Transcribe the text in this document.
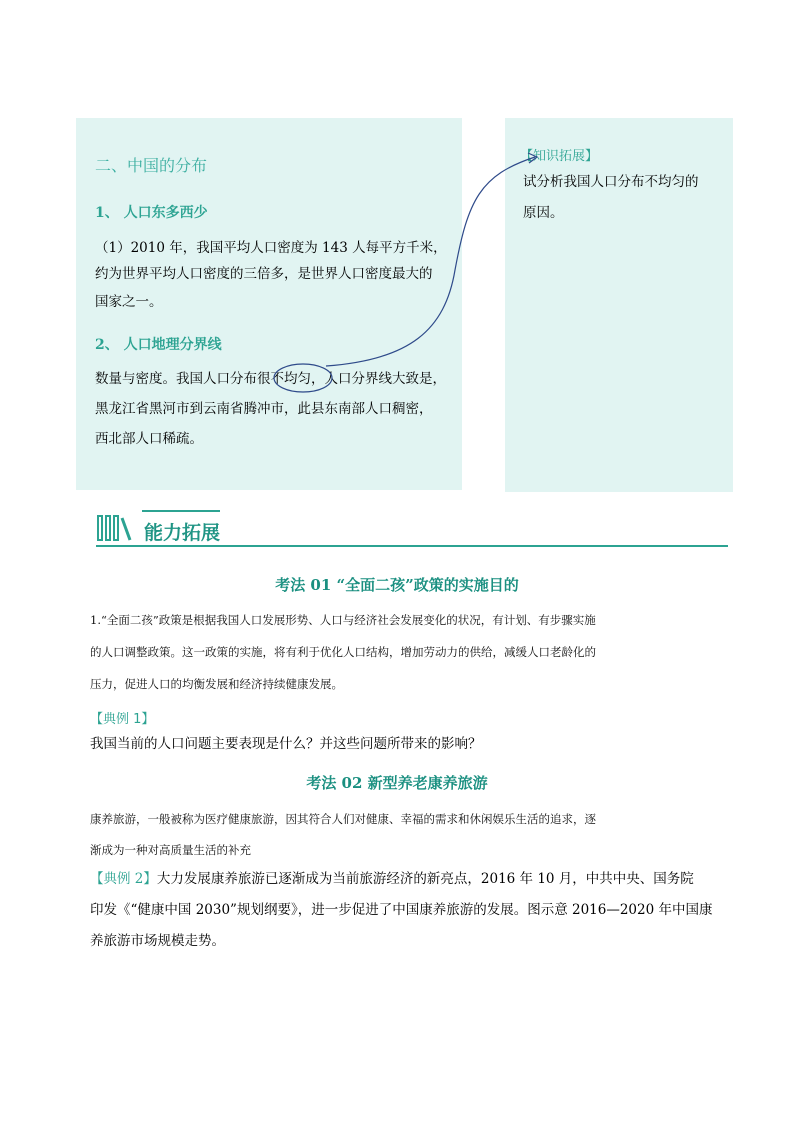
二、中国的分布
1、 人口东多西少
（1）2010 年，我国平均人口密度为 143 人每平方千米，
约为世界平均人口密度的三倍多，是世界人口密度最大的
国家之一。
2、 人口地理分界线
数量与密度。我国人口分布很不均匀，人口分界线大致是，
黑龙江省黑河市到云南省腾冲市，此县东南部人口稠密，
西北部人口稀疏。
【知识拓展】
试分析我国人口分布不均匀的
原因。
能力拓展
考法 01 “全面二孩”政策的实施目的
1.“全面二孩”政策是根据我国人口发展形势、人口与经济社会发展变化的状况，有计划、有步骤实施
的人口调整政策。这一政策的实施，将有利于优化人口结构，增加劳动力的供给，减缓人口老龄化的
压力，促进人口的均衡发展和经济持续健康发展。
【典例 1】
我国当前的人口问题主要表现是什么？并这些问题所带来的影响？
考法 02 新型养老康养旅游
康养旅游，一般被称为医疗健康旅游，因其符合人们对健康、幸福的需求和休闲娱乐生活的追求，逐
渐成为一种对高质量生活的补充
【典例 2】大力发展康养旅游已逐渐成为当前旅游经济的新亮点，2016 年 10 月，中共中央、国务院
印发《“健康中国 2030”规划纲要》，进一步促进了中国康养旅游的发展。图示意 2016—2020 年中国康
养旅游市场规模走势。
